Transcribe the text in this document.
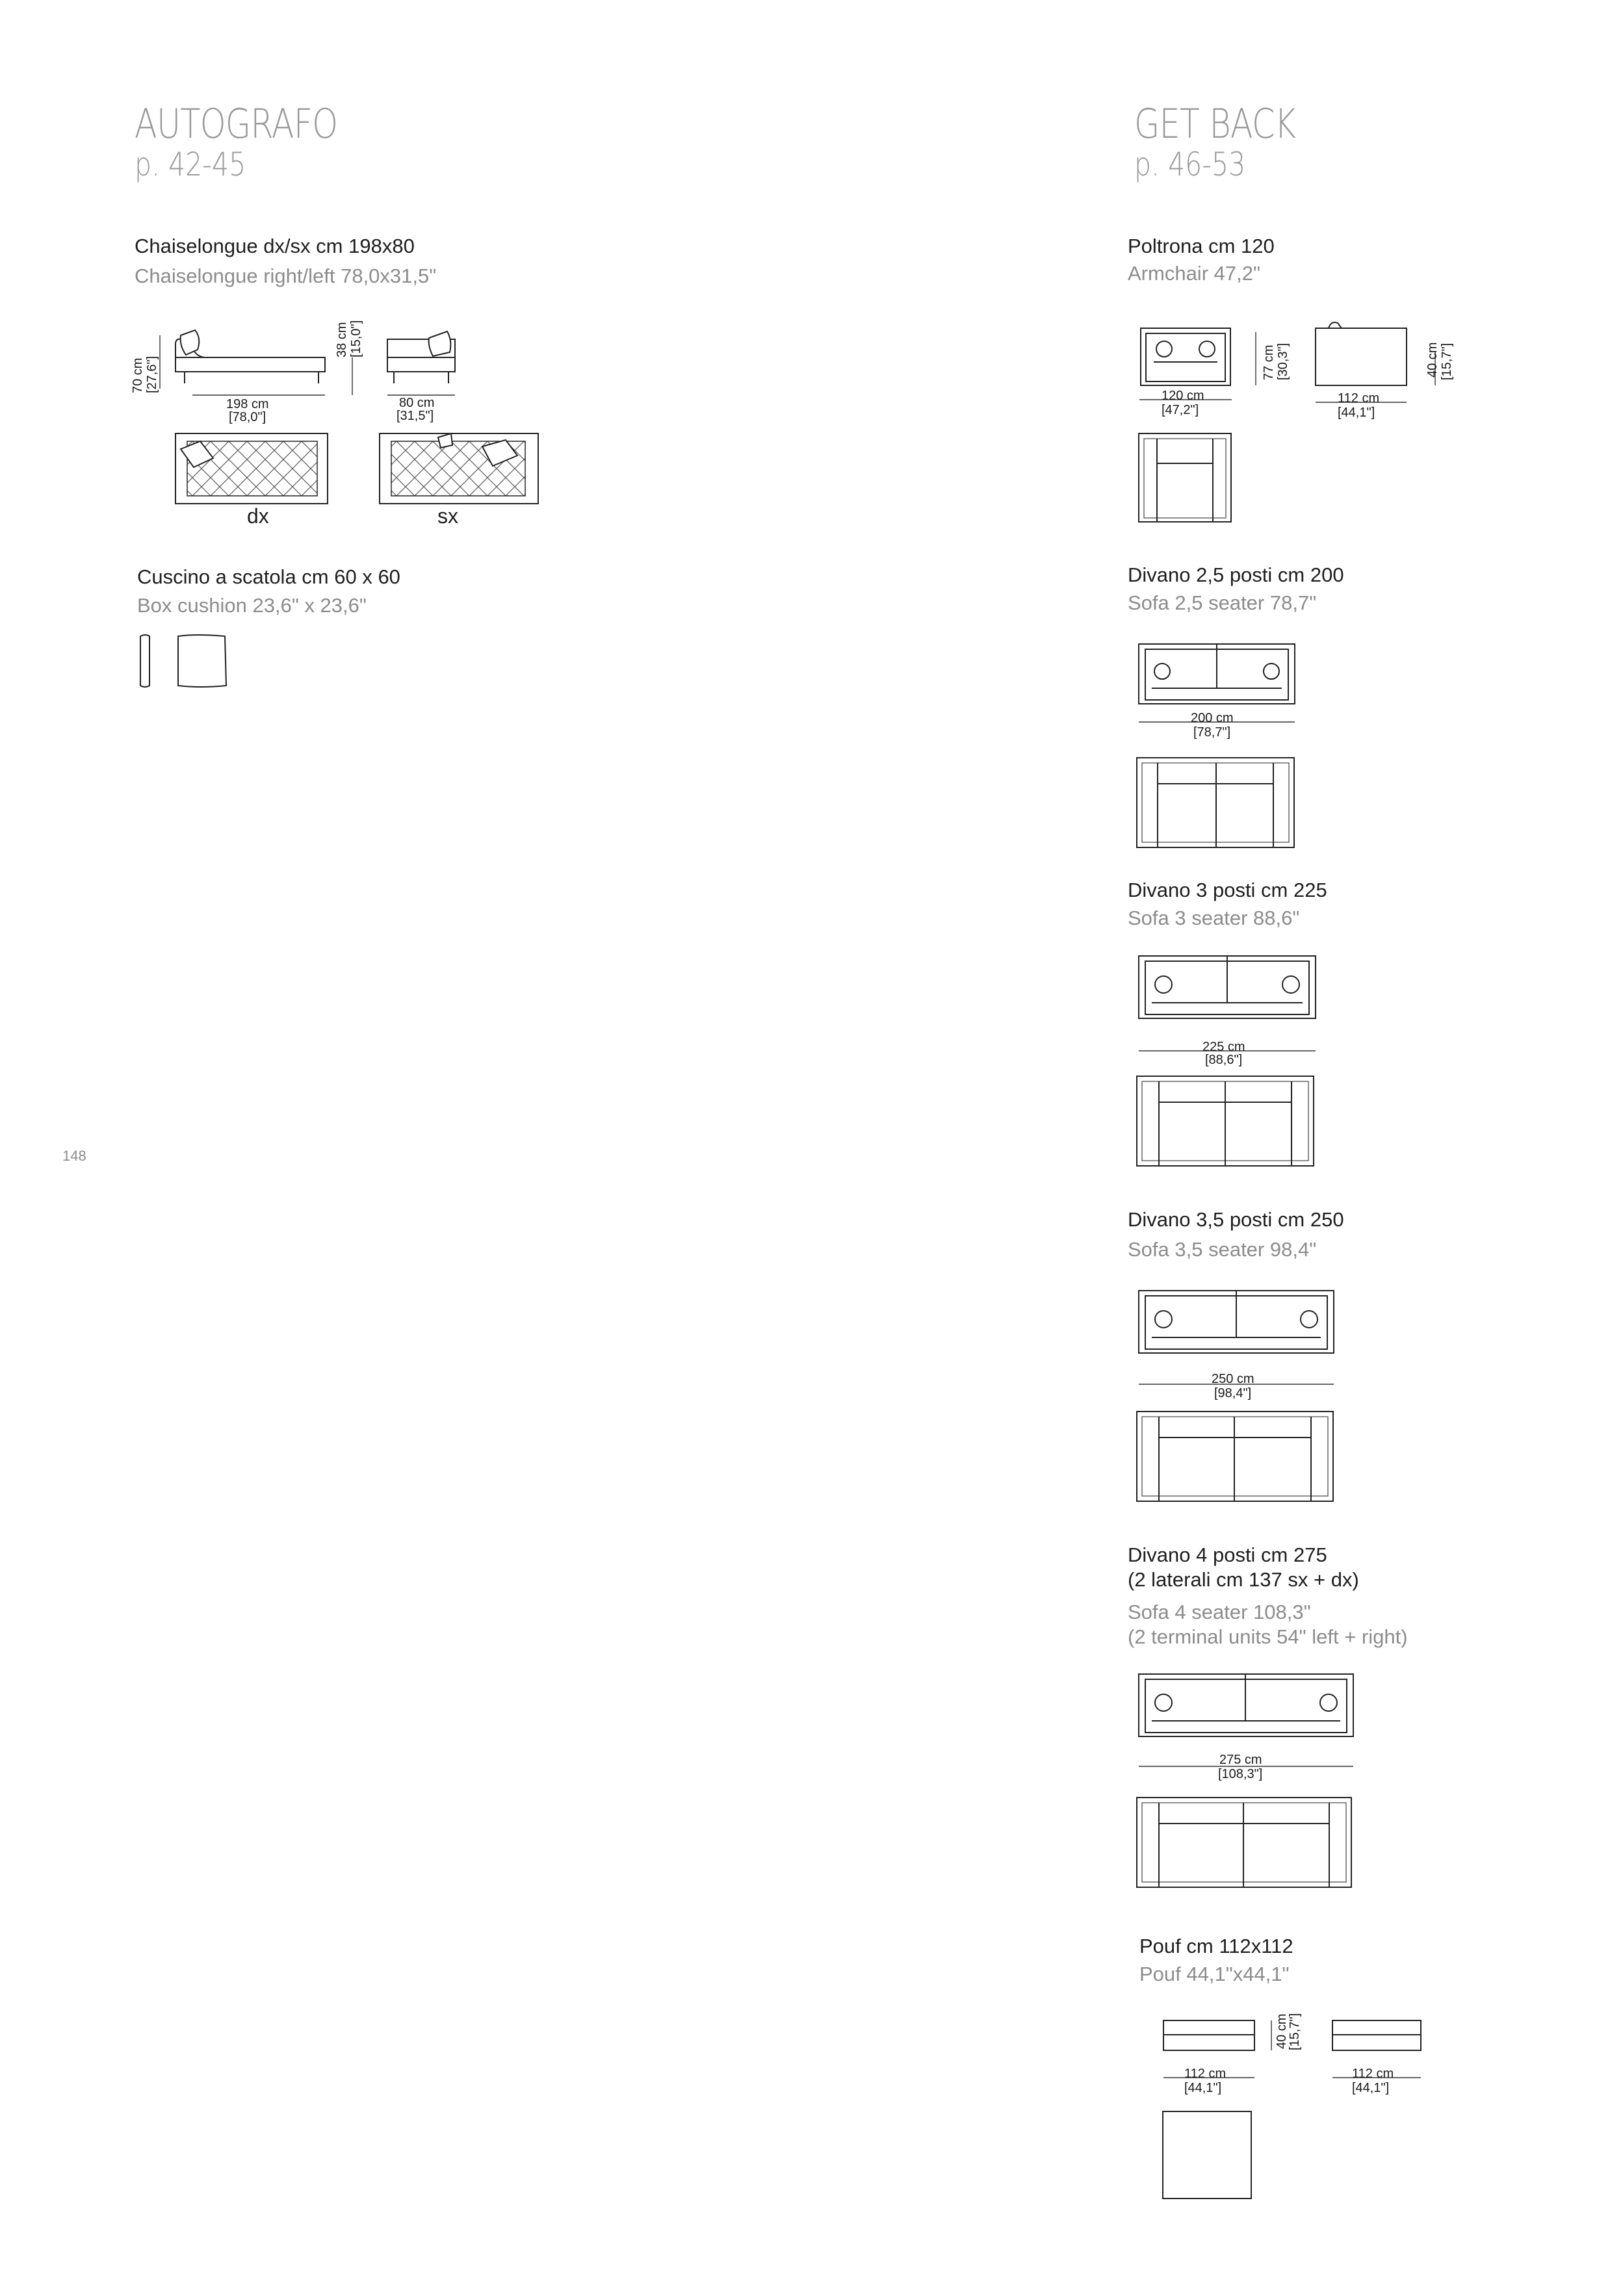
AUTOGRAFO
p. 42-45
Chaiselongue dx/sx cm 198x80
Chaiselongue right/left 78,0x31,5"
70 cm [27,6"]
198 cm
[78,0"]
38 cm [15,0"]
80 cm
[31,5"]
dx	sx
Cuscino a scatola cm 60 x 60
Box cushion 23,6" x 23,6"
148
GET BACK
p. 46-53
Poltrona cm 120
Armchair 47,2"
120 cm
[47,2"]
77 cm [30,3"]	40 cm [15,7"]
112 cm
[44,1"]
Divano 2,5 posti cm 200
Sofa 2,5 seater 78,7"
200 cm
[78,7"]
Divano 3 posti cm 225
Sofa 3 seater 88,6"
225 cm
[88,6"]
Divano 3,5 posti cm 250
Sofa 3,5 seater 98,4"
250 cm
[98,4"]
Divano 4 posti cm 275
(2 laterali cm 137 sx + dx)
Sofa 4 seater 108,3"
(2 terminal units 54" left + right)
275 cm
[108,3"]
Pouf cm 112x112
Pouf 44,1"x44,1"
40 cm
[15,7"]
112 cm
[44,1"]
112 cm
[44,1"]
